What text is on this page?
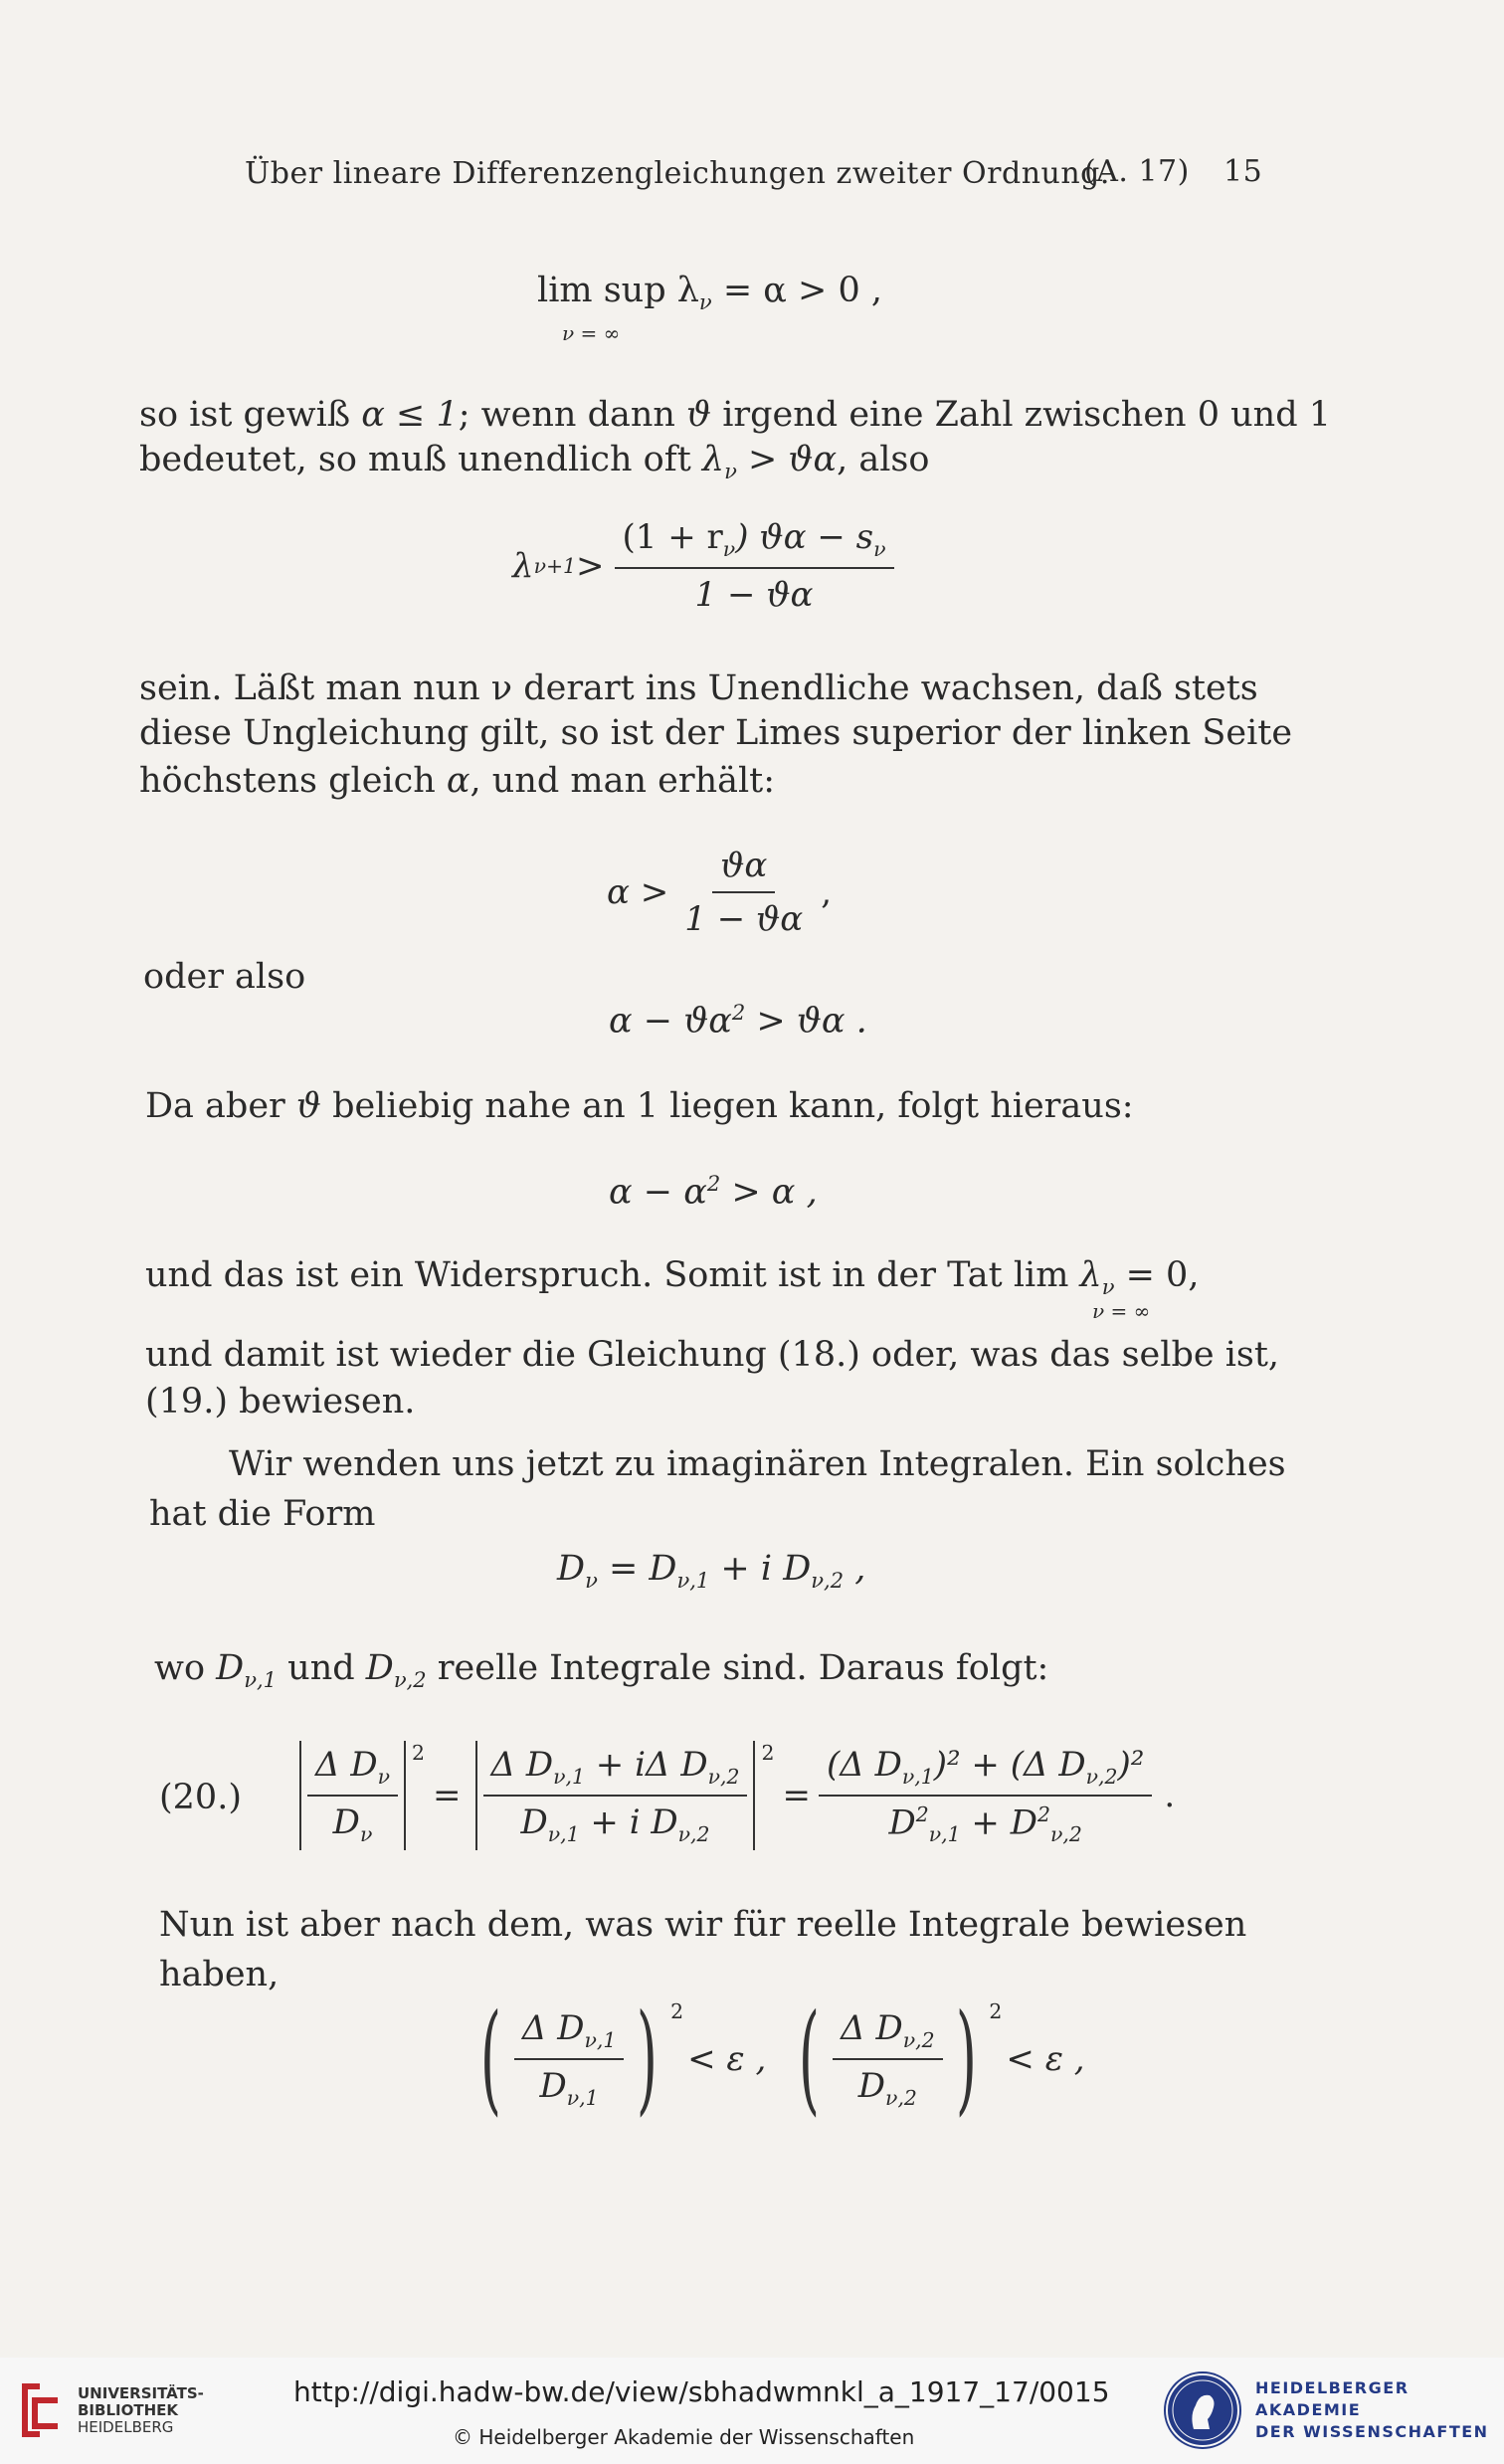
Über lineare Differenzengleichungen zweiter Ordnung.
(A. 17) 15
lim sup $\lambda_\nu = \alpha > 0$ ,
ν = ∞
so ist gewiß α ≤ 1; wenn dann ϑ irgend eine Zahl zwischen 0 und 1
bedeutet, so muß unendlich oft $\lambda_\nu > ϑ\alpha$, also
λ $\nu+1 > \frac{(1 + r_\nu) ϑ\alpha - s_\nu}{1 - ϑ\alpha}$
sein. Läßt man nun ν derart ins Unendliche wachsen, daß stets
diese Ungleichung gilt, so ist der Limes superior der linken Seite
höchstens gleich α, und man erhält:
$\alpha > \frac{ϑ\alpha}{1 - ϑ\alpha}$ ,
oder also
$\alpha - ϑ\alpha^2 > ϑ\alpha$ .
Da aber ϑ beliebig nahe an 1 liegen kann, folgt hieraus:
$\alpha - \alpha^2 > \alpha$ ,
und das ist ein Widerspruch. Somit ist in der Tat $\lim \lambda_\nu = 0$,
ν = ∞
und damit ist wieder die Gleichung (18.) oder, was das selbe ist,
(19.) bewiesen.
Wir wenden uns jetzt zu imaginären Integralen. Ein solches
hat die Form
$D_\nu = D_{\nu,1} + i$ $D_{\nu,2}$ ,
wo $D_{\nu,1}$ und $D_{\nu,2}$ reelle Integrale sind. Daraus folgt:
$(20.) \frac{\Delta D_\nu}{D_\nu} ^2$
= $\frac{\Delta D_{\nu,1} + i\Delta D_{\nu,2}}{D_{\nu,1} + i D_{\nu,2}} ^2$
= $\frac{(\Delta D_{\nu,1})^2 + (\Delta D_{\nu,2})^2}{D^2_{\nu,1} + D^2_{\nu,2}}$ .
Nun ist aber nach dem, was wir für reelle Integrale bewiesen
haben,
( $\frac{\Delta D_{\nu,1}}{D_{\nu,1}}$ ) $^2$
< ε , ( $\frac{\Delta D_{\nu,2}}{D_{\nu,2}}$ ) $^2$
< ε ,
UNIVERSITÄTS-
BIBLIOTHEK
HEIDELBERG
http://digi.hadw-bw.de/view/sbhadwmnkl_a_1917_17/0015
© Heidelberger Akademie der Wissenschaften
HEIDELBERGER AKADEMIE
DER WISSENSCHAFTEN
